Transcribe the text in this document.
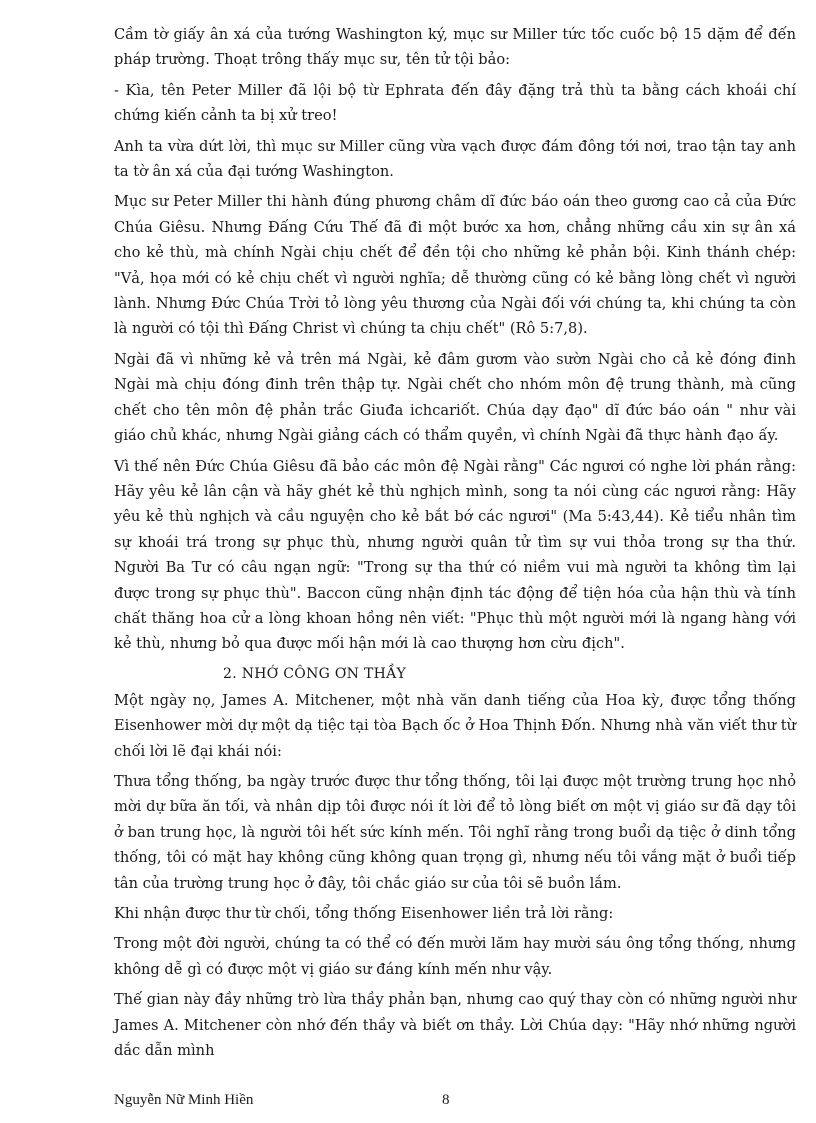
Cầm tờ giấy ân xá của tướng Washington ký, mục sư Miller tức tốc cuốc bộ 15 dặm để đến pháp trường. Thoạt trông thấy mục sư, tên tử tội bảo:

- Kìa, tên Peter Miller đã lội bộ từ Ephrata đến đây đặng trả thù ta bằng cách khoái chí chứng kiến cảnh ta bị xử treo!

Anh ta vừa dứt lời, thì mục sư Miller cũng vừa vạch được đám đông tới nơi, trao tận tay anh ta tờ ân xá của đại tướng Washington.

Mục sư Peter Miller thi hành đúng phương châm dĩ đức báo oán theo gương cao cả của Đức Chúa Giêsu. Nhưng Đấng Cứu Thế đã đi một bước xa hơn, chẳng những cầu xin sự ân xá cho kẻ thù, mà chính Ngài chịu chết để đền tội cho những kẻ phản bội. Kinh thánh chép: "Vả, họa mới có kẻ chịu chết vì người nghĩa; dễ thường cũng có kẻ bằng lòng chết vì người lành. Nhưng Đức Chúa Trời tỏ lòng yêu thương của Ngài đối với chúng ta, khi chúng ta còn là người có tội thì Đấng Christ vì chúng ta chịu chết" (Rô 5:7,8).

Ngài đã vì những kẻ vả trên má Ngài, kẻ đâm gươm vào sườn Ngài cho cả kẻ đóng đinh Ngài mà chịu đóng đinh trên thập tự. Ngài chết cho nhóm môn đệ trung thành, mà cũng chết cho tên môn đệ phản trắc Giuđa ichcariốt. Chúa dạy đạo" dĩ đức báo oán " như vài giáo chủ khác, nhưng Ngài giảng cách có thẩm quyền, vì chính Ngài đã thực hành đạo ấy.

Vì thế nên Đức Chúa Giêsu đã bảo các môn đệ Ngài rằng" Các ngươi có nghe lời phán rằng: Hãy yêu kẻ lân cận và hãy ghét kẻ thù nghịch mình, song ta nói cùng các ngươi rằng: Hãy yêu kẻ thù nghịch và cầu nguyện cho kẻ bắt bớ các ngươi" (Ma 5:43,44). Kẻ tiểu nhân tìm sự khoái trá trong sự phục thù, nhưng người quân tử tìm sự vui thỏa trong sự tha thứ. Người Ba Tư có câu ngạn ngữ: "Trong sự tha thứ có niềm vui mà người ta không tìm lại được trong sự phục thù". Baccon cũng nhận định tác động để tiện hóa của hận thù và tính chất thăng hoa cử a lòng khoan hồng nên viết: "Phục thù một người mới là ngang hàng với kẻ thù, nhưng bỏ qua được mối hận mới là cao thượng hơn cừu địch".

2. NHỚ CÔNG ƠN THẦY

Một ngày nọ, James A. Mitchener, một nhà văn danh tiếng của Hoa kỳ, được tổng thống Eisenhower mời dự một dạ tiệc tại tòa Bạch ốc ở Hoa Thịnh Đốn. Nhưng nhà văn viết thư từ chối lời lẽ đại khái nói:

Thưa tổng thống, ba ngày trước được thư tổng thống, tôi lại được một trường trung học nhỏ mời dự bữa ăn tối, và nhân dịp tôi được nói ít lời để tỏ lòng biết ơn một vị giáo sư đã dạy tôi ở ban trung học, là người tôi hết sức kính mến. Tôi nghĩ rằng trong buổi dạ tiệc ở dinh tổng thống, tôi có mặt hay không cũng không quan trọng gì, nhưng nếu tôi vắng mặt ở buổi tiếp tân của trường trung học ở đây, tôi chắc giáo sư của tôi sẽ buồn lắm.

Khi nhận được thư từ chối, tổng thống Eisenhower liền trả lời rằng:

Trong một đời người, chúng ta có thể có đến mười lăm hay mười sáu ông tổng thống, nhưng không dễ gì có được một vị giáo sư đáng kính mến như vậy.

Thế gian này đầy những trò lừa thầy phản bạn, nhưng cao quý thay còn có những người như James A. Mitchener còn nhớ đến thầy và biết ơn thầy. Lời Chúa dạy: "Hãy nhớ những người dắc dẫn mình

Nguyễn Nữ Minh Hiền	8
